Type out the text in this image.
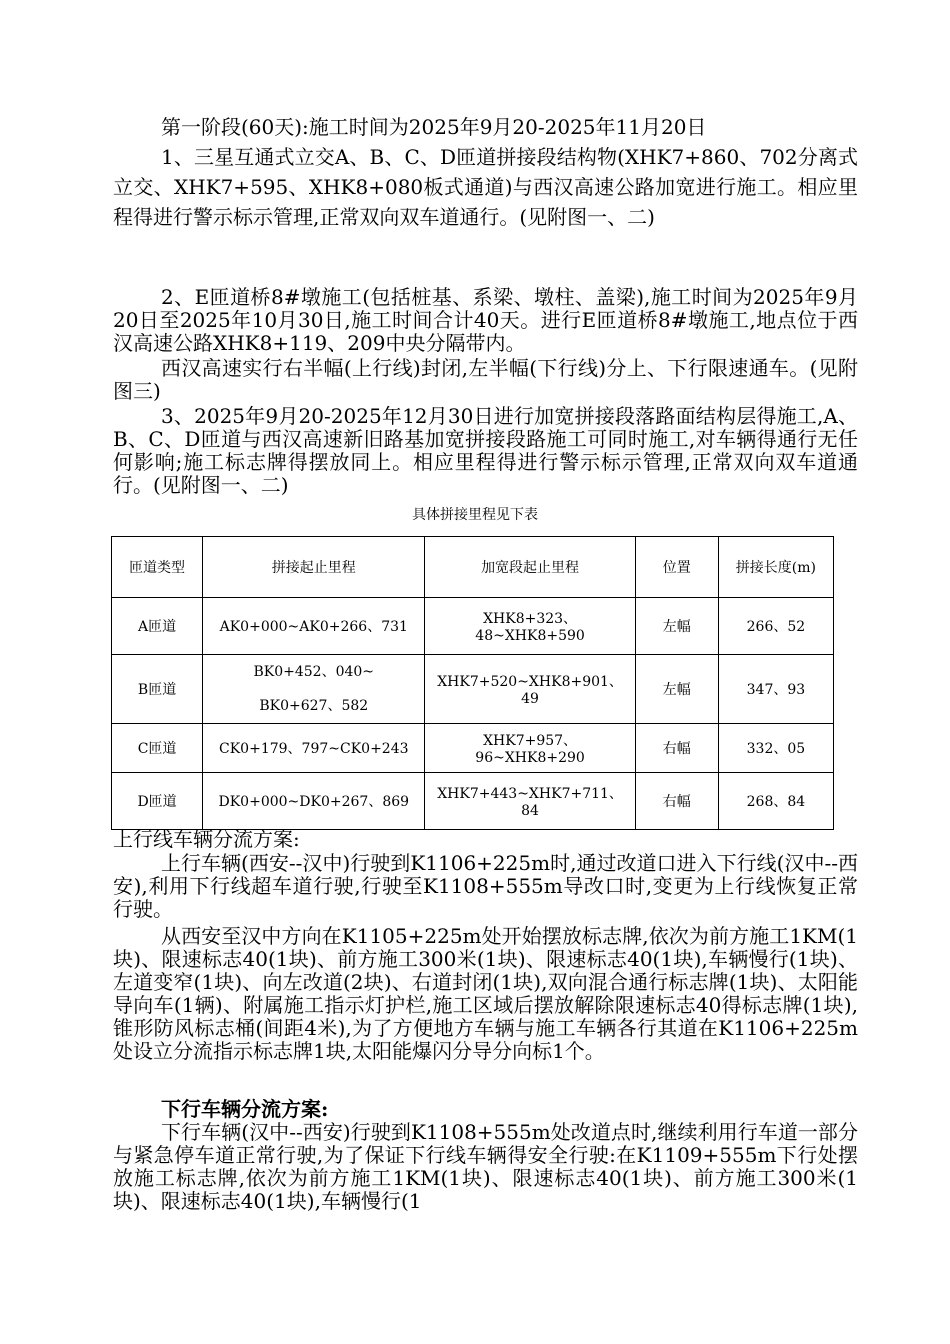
第一阶段(60天):施工时间为2025年9月20-2025年11月20日

1、三星互通式立交A、B、C、D匝道拼接段结构物(XHK7+860、702分离式立交、XHK7+595、XHK8+080板式通道)与西汉高速公路加宽进行施工。相应里程得进行警示标示管理,正常双向双车道通行。(见附图一、二)

2、E匝道桥8#墩施工(包括桩基、系梁、墩柱、盖梁),施工时间为2025年9月20日至2025年10月30日,施工时间合计40天。进行E匝道桥8#墩施工,地点位于西汉高速公路XHK8+119、209中央分隔带内。

西汉高速实行右半幅(上行线)封闭,左半幅(下行线)分上、下行限速通车。(见附图三)

3、2025年9月20-2025年12月30日进行加宽拼接段落路面结构层得施工,A、B、C、D匝道与西汉高速新旧路基加宽拼接段路施工可同时施工,对车辆得通行无任何影响;施工标志牌得摆放同上。相应里程得进行警示标示管理,正常双向双车道通行。(见附图一、二)

具体拼接里程见下表
匝道类型	拼接起止里程	加宽段起止里程	位置	拼接长度(m)
A匝道	AK0+000~AK0+266、731	XHK8+323、48~XHK8+590	左幅	266、52
B匝道	BK0+452、040~
BK0+627、582	XHK7+520~XHK8+901、49	左幅	347、93
C匝道	CK0+179、797~CK0+243	XHK7+957、96~XHK8+290	右幅	332、05
D匝道	DK0+000~DK0+267、869	XHK7+443~XHK7+711、84	右幅	268、84

上行线车辆分流方案:

上行车辆(西安--汉中)行驶到K1106+225m时,通过改道口进入下行线(汉中--西安),利用下行线超车道行驶,行驶至K1108+555m导改口时,变更为上行线恢复正常行驶。

从西安至汉中方向在K1105+225m处开始摆放标志牌,依次为前方施工1KM(1块)、限速标志40(1块)、前方施工300米(1块)、限速标志40(1块),车辆慢行(1块)、左道变窄(1块)、向左改道(2块)、右道封闭(1块),双向混合通行标志牌(1块)、太阳能导向车(1辆)、附属施工指示灯护栏,施工区域后摆放解除限速标志40得标志牌(1块),锥形防风标志桶(间距4米),为了方便地方车辆与施工车辆各行其道在K1106+225m处设立分流指示标志牌1块,太阳能爆闪分导分向标1个。

下行车辆分流方案:

下行车辆(汉中--西安)行驶到K1108+555m处改道点时,继续利用行车道一部分与紧急停车道正常行驶,为了保证下行线车辆得安全行驶:在K1109+555m下行处摆放施工标志牌,依次为前方施工1KM(1块)、限速标志40(1块)、前方施工300米(1块)、限速标志40(1块),车辆慢行(1
